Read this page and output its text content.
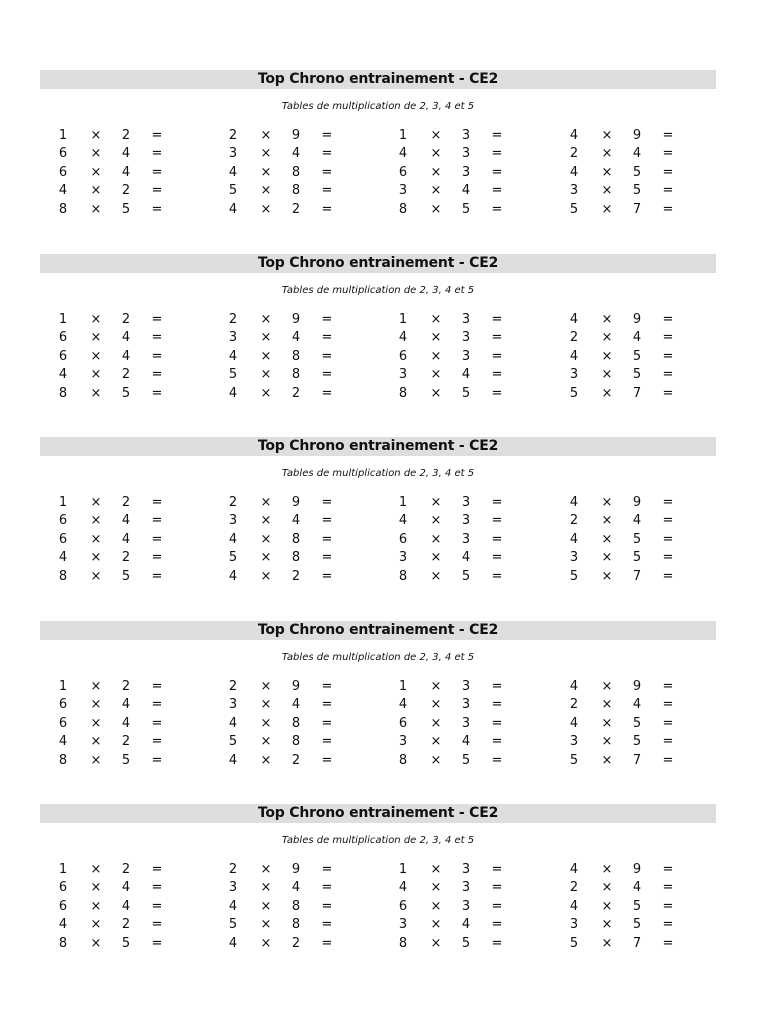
Top Chrono entrainement - CE2
Tables de multiplication de 2, 3, 4 et 5
1 × 2 =
6 × 4 =
6 × 4 =
4 × 2 =
8 × 5 =
2 × 9 =
3 × 4 =
4 × 8 =
5 × 8 =
4 × 2 =
1 × 3 =
4 × 3 =
6 × 3 =
3 × 4 =
8 × 5 =
4 × 9 =
2 × 4 =
4 × 5 =
3 × 5 =
5 × 7 =
Top Chrono entrainement - CE2
Tables de multiplication de 2, 3, 4 et 5
1 × 2 =
6 × 4 =
6 × 4 =
4 × 2 =
8 × 5 =
2 × 9 =
3 × 4 =
4 × 8 =
5 × 8 =
4 × 2 =
1 × 3 =
4 × 3 =
6 × 3 =
3 × 4 =
8 × 5 =
4 × 9 =
2 × 4 =
4 × 5 =
3 × 5 =
5 × 7 =
Top Chrono entrainement - CE2
Tables de multiplication de 2, 3, 4 et 5
1 × 2 =
6 × 4 =
6 × 4 =
4 × 2 =
8 × 5 =
2 × 9 =
3 × 4 =
4 × 8 =
5 × 8 =
4 × 2 =
1 × 3 =
4 × 3 =
6 × 3 =
3 × 4 =
8 × 5 =
4 × 9 =
2 × 4 =
4 × 5 =
3 × 5 =
5 × 7 =
Top Chrono entrainement - CE2
Tables de multiplication de 2, 3, 4 et 5
1 × 2 =
6 × 4 =
6 × 4 =
4 × 2 =
8 × 5 =
2 × 9 =
3 × 4 =
4 × 8 =
5 × 8 =
4 × 2 =
1 × 3 =
4 × 3 =
6 × 3 =
3 × 4 =
8 × 5 =
4 × 9 =
2 × 4 =
4 × 5 =
3 × 5 =
5 × 7 =
Top Chrono entrainement - CE2
Tables de multiplication de 2, 3, 4 et 5
1 × 2 =
6 × 4 =
6 × 4 =
4 × 2 =
8 × 5 =
2 × 9 =
3 × 4 =
4 × 8 =
5 × 8 =
4 × 2 =
1 × 3 =
4 × 3 =
6 × 3 =
3 × 4 =
8 × 5 =
4 × 9 =
2 × 4 =
4 × 5 =
3 × 5 =
5 × 7 =
